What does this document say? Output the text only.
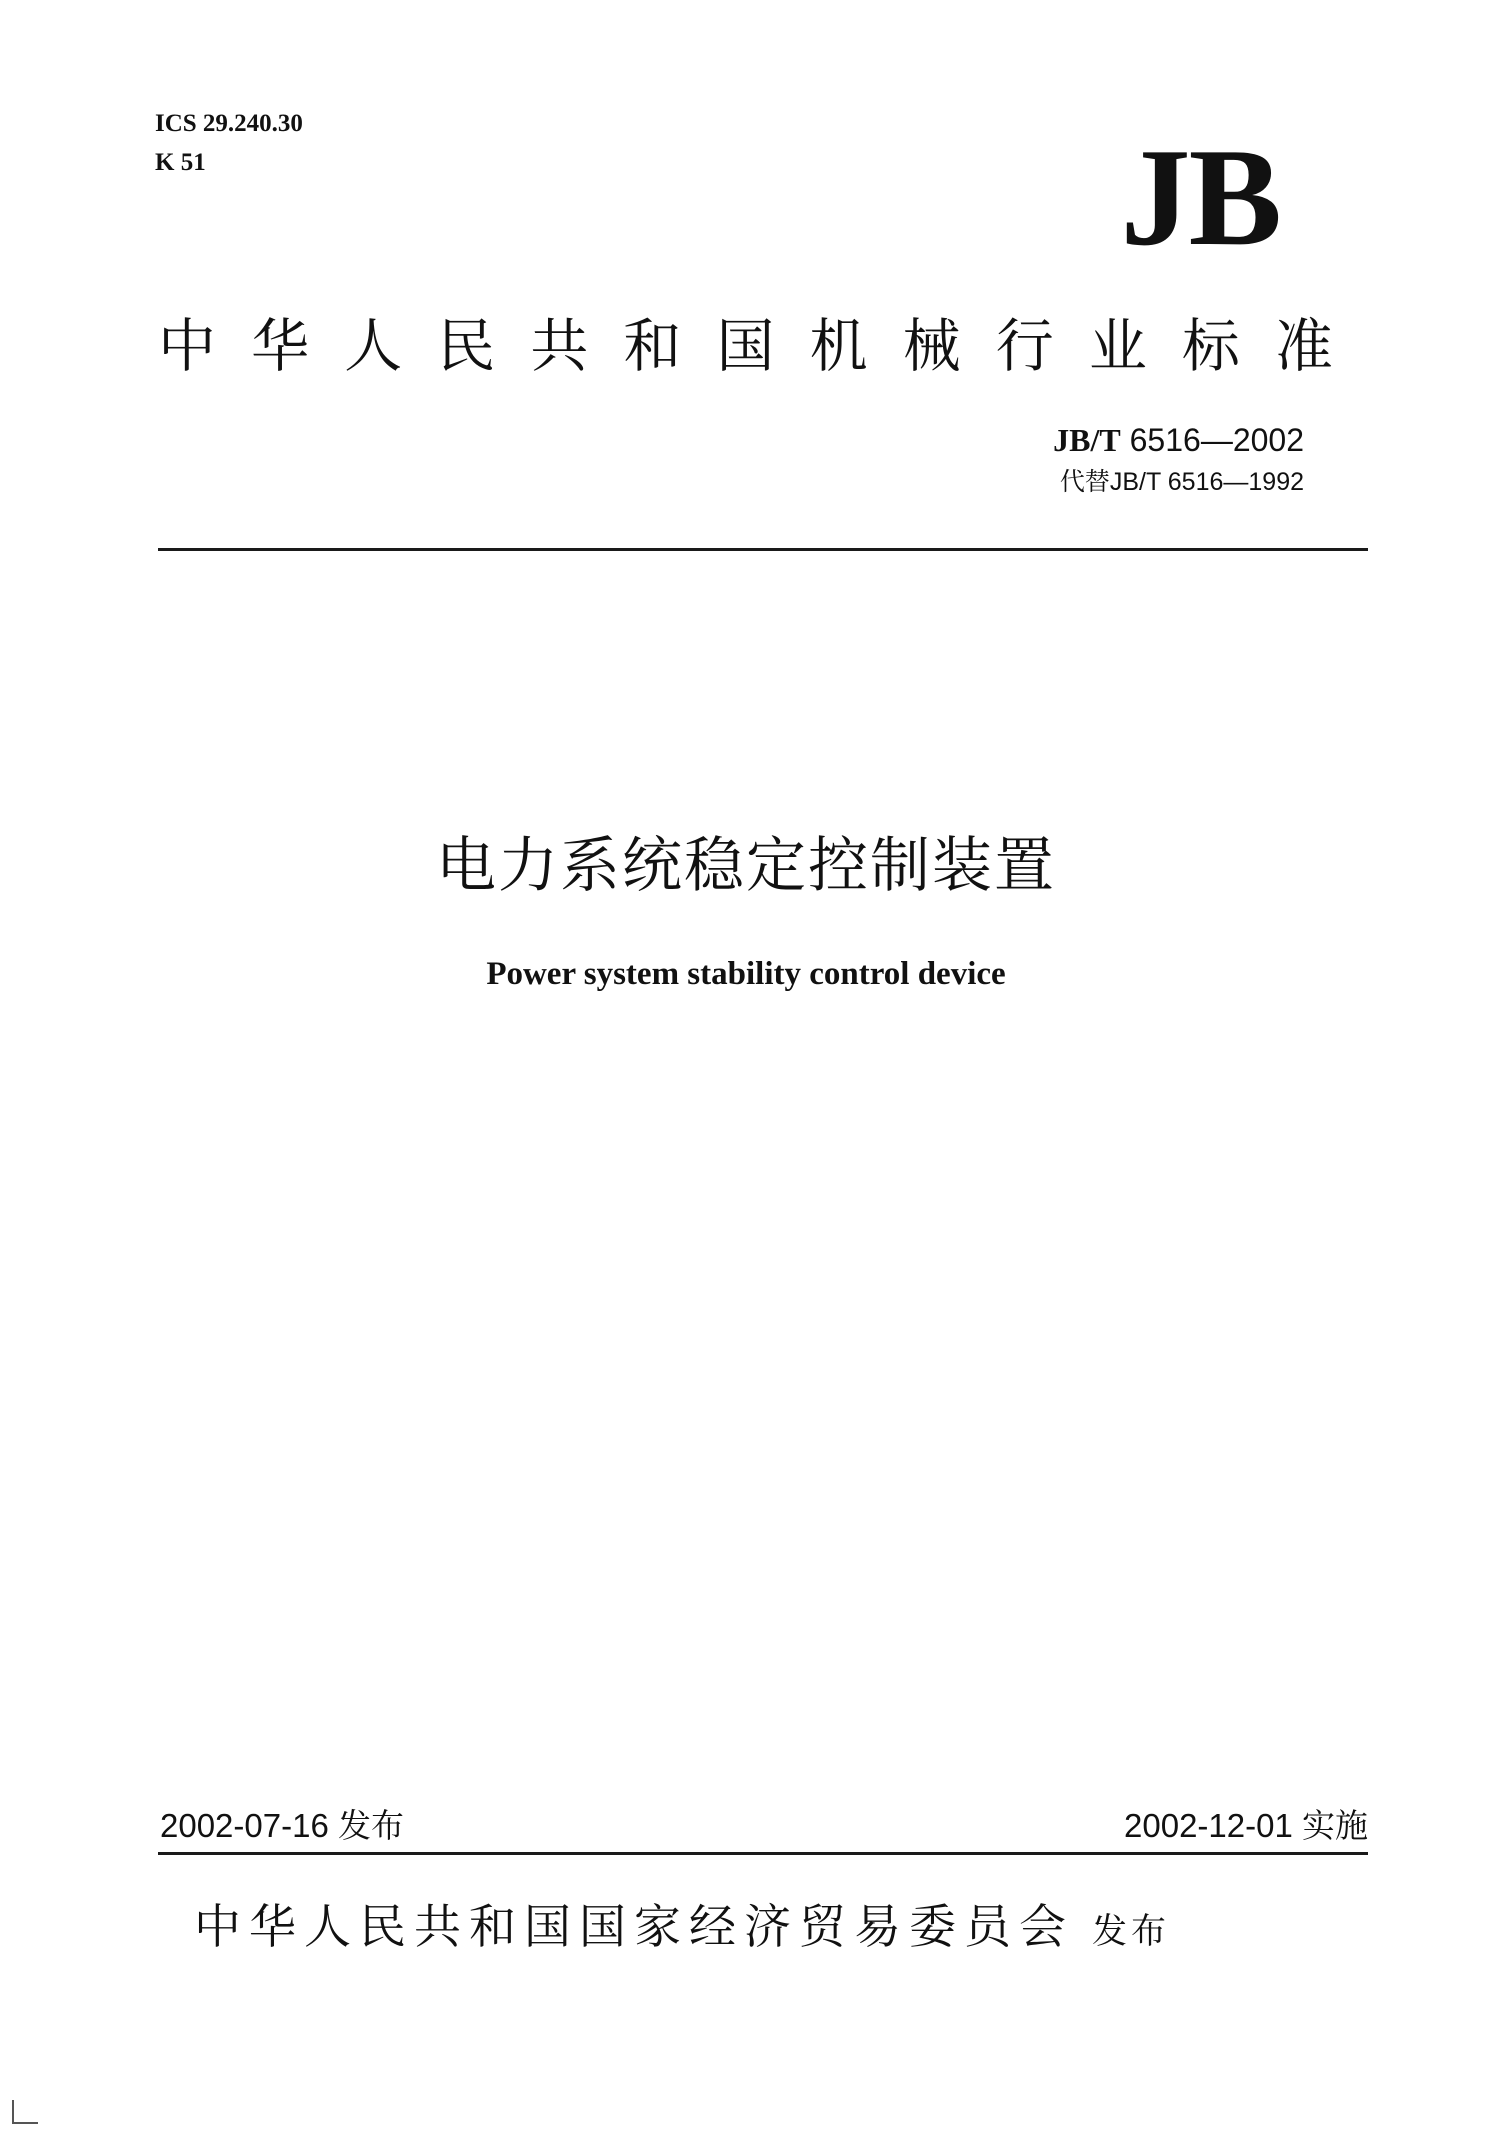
ICS 29.240.30
K 51	JB
中华人民共和国机械行业标准
JB/T 6516—2002
代替JB/T 6516—1992
电力系统稳定控制装置
Power system stability control device
2002-07-16 发布	2002-12-01 实施
中华人民共和国国家经济贸易委员会 发布
